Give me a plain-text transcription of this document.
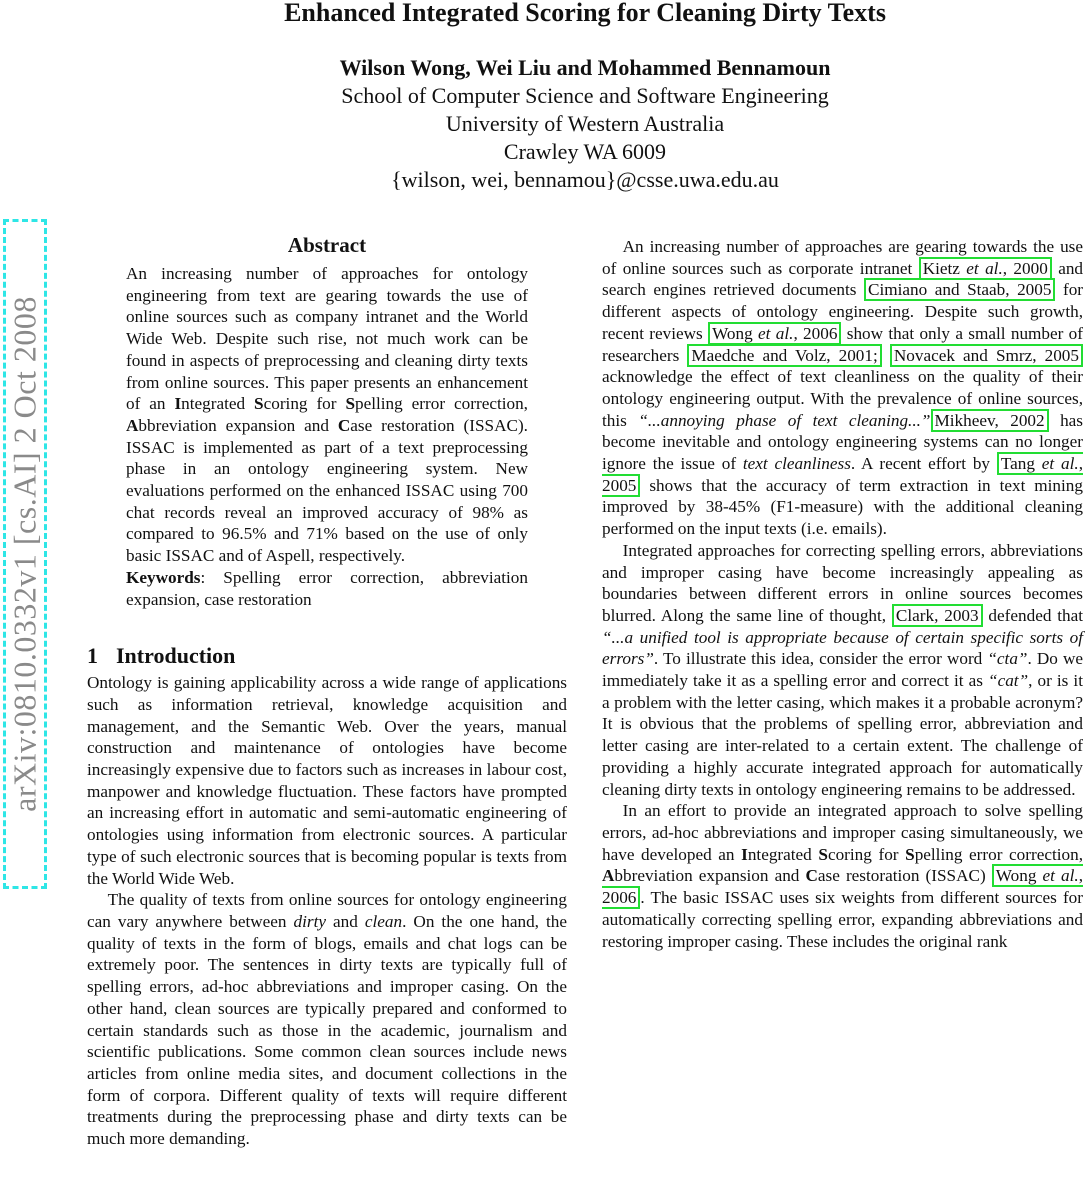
Enhanced Integrated Scoring for Cleaning Dirty Texts
Wilson Wong, Wei Liu and Mohammed Bennamoun
School of Computer Science and Software Engineering
University of Western Australia
Crawley WA 6009
{wilson, wei, bennamou}@csse.uwa.edu.au
arXiv:0810.0332v1 [cs.AI] 2 Oct 2008
Abstract

An increasing number of approaches for ontology engineering from text are gearing towards the use of online sources such as company intranet and the World Wide Web. Despite such rise, not much work can be found in aspects of preprocessing and cleaning dirty texts from online sources. This paper presents an enhancement of an Integrated Scoring for Spelling error correction, Abbreviation expansion and Case restoration (ISSAC). ISSAC is implemented as part of a text preprocessing phase in an ontology engineering system. New evaluations performed on the enhanced ISSAC using 700 chat records reveal an improved accuracy of 98% as compared to 96.5% and 71% based on the use of only basic ISSAC and of Aspell, respectively.
Keywords: Spelling error correction, abbreviation expansion, case restoration

1 Introduction

Ontology is gaining applicability across a wide range of applications such as information retrieval, knowledge acquisition and management, and the Semantic Web. Over the years, manual construction and maintenance of ontologies have become increasingly expensive due to factors such as increases in labour cost, manpower and knowledge fluctuation. These factors have prompted an increasing effort in automatic and semi-automatic engineering of ontologies using information from electronic sources. A particular type of such electronic sources that is becoming popular is texts from the World Wide Web.

The quality of texts from online sources for ontology engineering can vary anywhere between dirty and clean. On the one hand, the quality of texts in the form of blogs, emails and chat logs can be extremely poor. The sentences in dirty texts are typically full of spelling errors, ad-hoc abbreviations and improper casing. On the other hand, clean sources are typically prepared and conformed to certain standards such as those in the academic, journalism and scientific publications. Some common clean sources include news articles from online media sites, and document collections in the form of corpora. Different quality of texts will require different treatments during the preprocessing phase and dirty texts can be much more demanding.

An increasing number of approaches are gearing towards the use of online sources such as corporate intranet Kietz et al., 2000 and search engines retrieved documents Cimiano and Staab, 2005 for different aspects of ontology engineering. Despite such growth, recent reviews Wong et al., 2006 show that only a small number of researchers Maedche and Volz, 2001; Novacek and Smrz, 2005 acknowledge the effect of text cleanliness on the quality of their ontology engineering output. With the prevalence of online sources, this “...annoying phase of text cleaning...” Mikheev, 2002 has become inevitable and ontology engineering systems can no longer ignore the issue of text cleanliness. A recent effort by Tang et al., 2005 shows that the accuracy of term extraction in text mining improved by 38-45% (F1-measure) with the additional cleaning performed on the input texts (i.e. emails).

Integrated approaches for correcting spelling errors, abbreviations and improper casing have become increasingly appealing as boundaries between different errors in online sources becomes blurred. Along the same line of thought, Clark, 2003 defended that “...a unified tool is appropriate because of certain specific sorts of errors”. To illustrate this idea, consider the error word “cta”. Do we immediately take it as a spelling error and correct it as “cat”, or is it a problem with the letter casing, which makes it a probable acronym? It is obvious that the problems of spelling error, abbreviation and letter casing are inter-related to a certain extent. The challenge of providing a highly accurate integrated approach for automatically cleaning dirty texts in ontology engineering remains to be addressed.

In an effort to provide an integrated approach to solve spelling errors, ad-hoc abbreviations and improper casing simultaneously, we have developed an Integrated Scoring for Spelling error correction, Abbreviation expansion and Case restoration (ISSAC) Wong et al., 2006 . The basic ISSAC uses six weights from different sources for automatically correcting spelling error, expanding abbreviations and restoring improper casing. These includes the original rank
